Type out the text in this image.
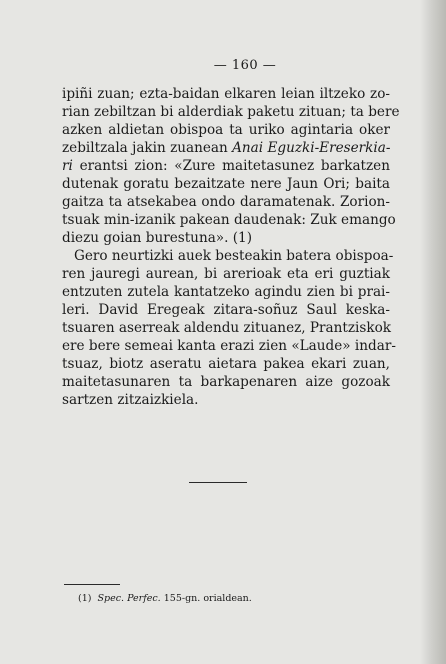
— 160 —
ipiñi zuan; ezta-baidan elkaren leian iltzeko zo-
rian zebiltzan bi alderdiak paketu zituan; ta bere
azken aldietan obispoa ta uriko agintaria oker
zebiltzala jakin zuanean Anai Eguzki-Ereserkia-
ri erantsi zion: «Zure maitetasunez barkatzen
dutenak goratu bezaitzate nere Jaun Ori; baita
gaitza ta atsekabea ondo daramatenak. Zorion-
tsuak min-izanik pakean daudenak: Zuk emango
diezu goian burestuna». (1)
Gero neurtizki auek besteakin batera obispoa-
ren jauregi aurean, bi arerioak eta eri guztiak
entzuten zutela kantatzeko agindu zien bi prai-
leri. David Eregeak zitara-soñuz Saul keska-
tsuaren aserreak aldendu zituanez, Prantziskok
ere bere semeai kanta erazi zien «Laude» indar-
tsuaz, biotz aseratu aietara pakea ekari zuan,
maitetasunaren ta barkapenaren aize gozoak
sartzen zitzaizkiela.
(1) Spec. Perfec. 155-gn. orialdean.
